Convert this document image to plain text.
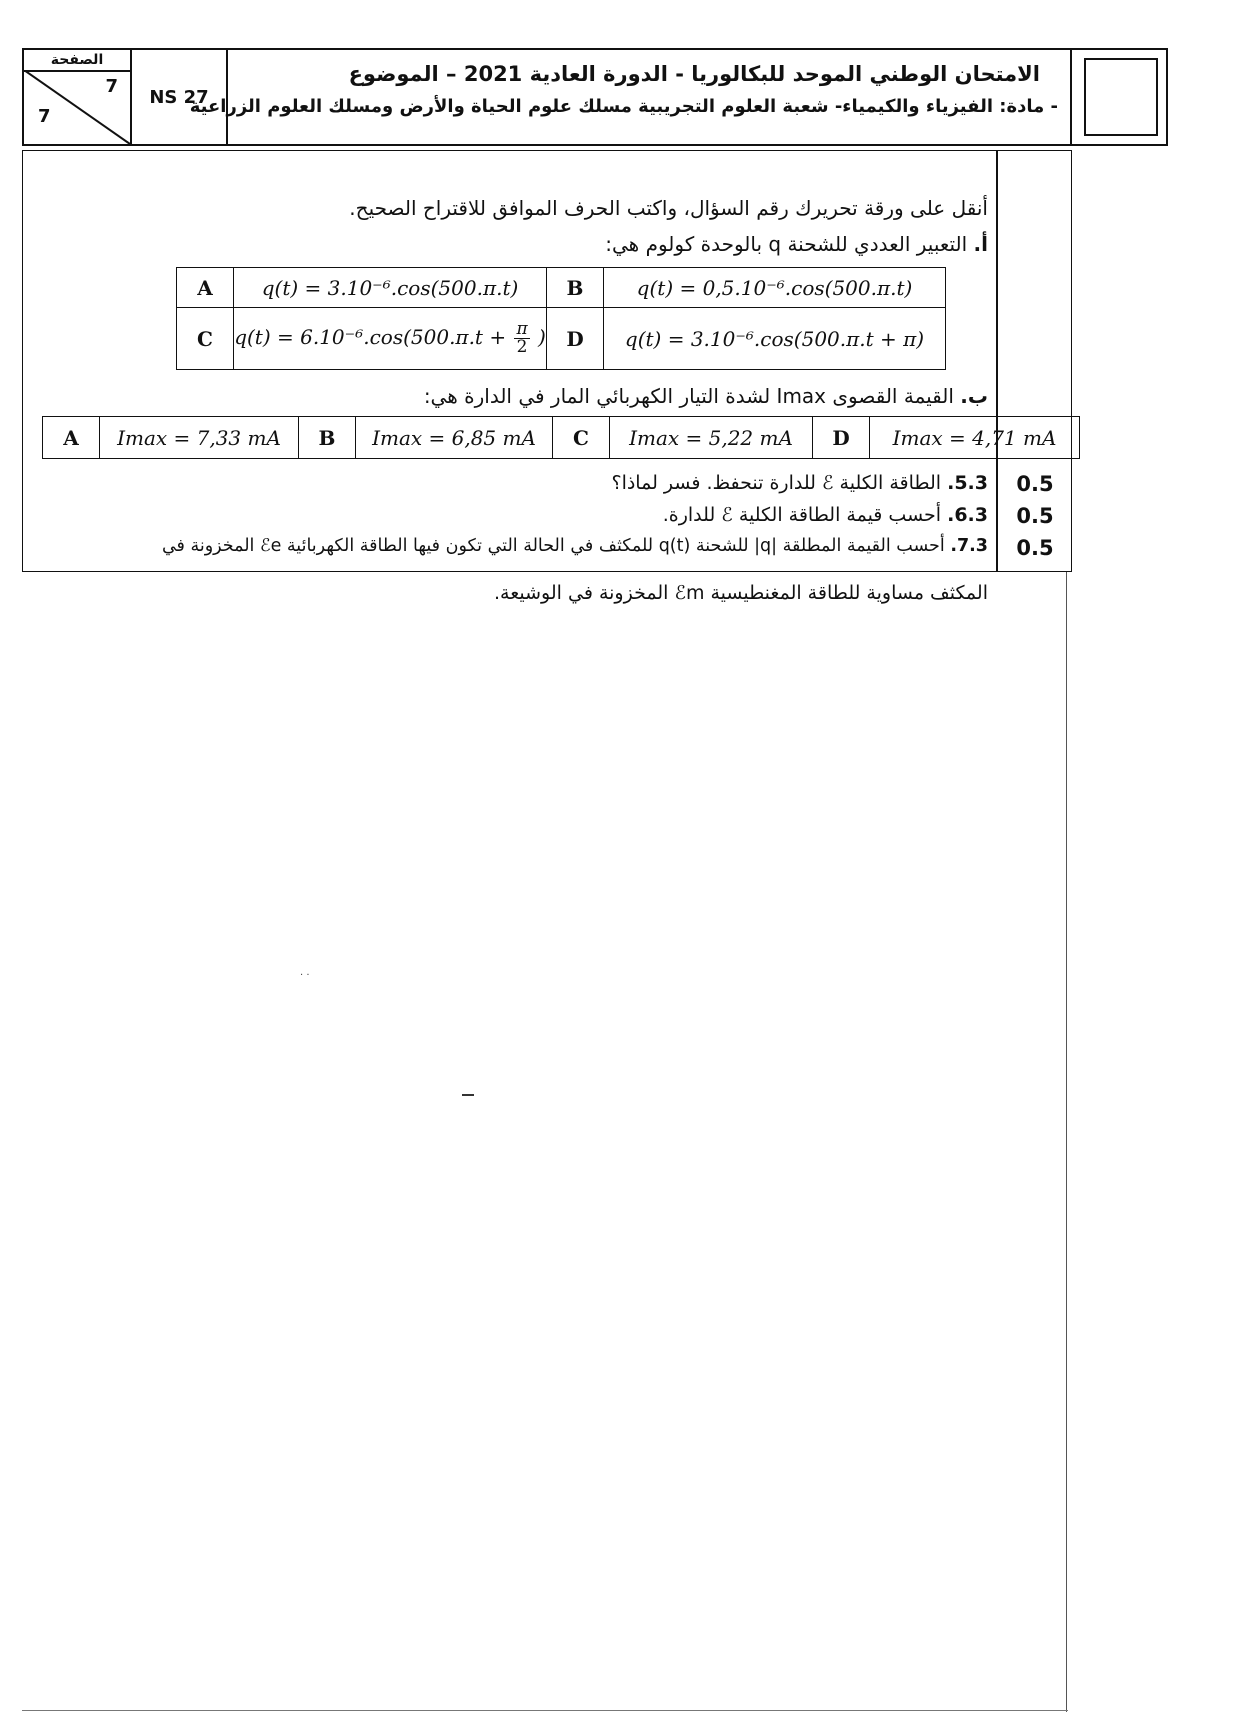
الصفحة
7
7
NS 27
الامتحان الوطني الموحد للبكالوريا - الدورة العادية 2021 – الموضوع
- مادة: الفيزياء والكيمياء- شعبة العلوم التجريبية مسلك علوم الحياة والأرض ومسلك العلوم الزراعية
أنقل على ورقة تحريرك رقم السؤال، واكتب الحرف الموافق للاقتراح الصحيح.
أ. التعبير العددي للشحنة q بالوحدة كولوم هي:
A	q(t) = 3.10⁻⁶.cos(500.π.t)	B	q(t) = 0,5.10⁻⁶.cos(500.π.t)
C	$q(t) = 6.10^{-6}.\cos(500.\pi.t + \frac{\pi}{2}$ )	D	q(t) = 3.10⁻⁶.cos(500.π.t + π)
ب. القيمة القصوى Imax لشدة التيار الكهربائي المار في الدارة هي:
A	Imax = 7,33 mA	B	Imax = 6,85 mA	C	Imax = 5,22 mA	D	Imax = 4,71 mA
5.3. الطاقة الكلية ℰ للدارة تنحفظ. فسر لماذا؟	0.5
6.3. أحسب قيمة الطاقة الكلية ℰ للدارة.	0.5
7.3. أحسب القيمة المطلقة |q| للشحنة q(t) للمكثف في الحالة التي تكون فيها الطاقة الكهربائية ℰe المخزونة في	0.5
المكثف مساوية للطاقة المغنطيسية ℰm المخزونة في الوشيعة.
· ·
